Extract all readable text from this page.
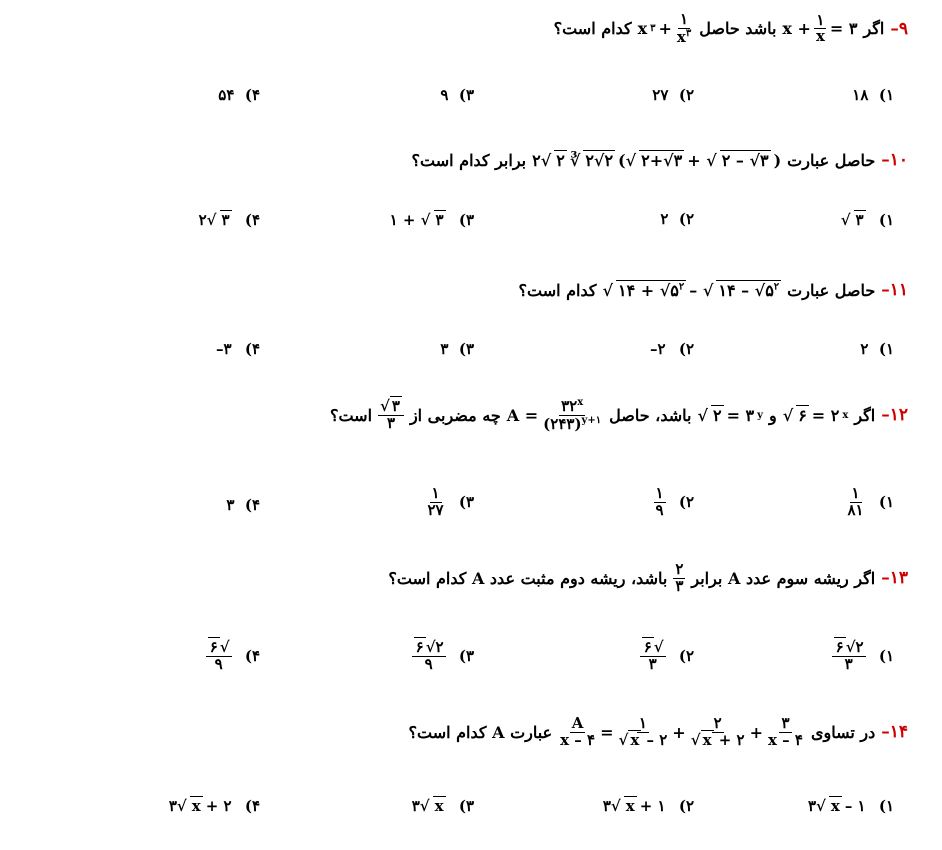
۹–
اگر
$x + \frac{۱}{x}$ = ۳
باشد حاصل
x ۳ + $\frac{۱}{x^۳}$
کدام است؟
۱)  ۱۸
۲)  ۲۷
۳)  ۹
۴)  ۵۴
۱۰–
حاصل عبارت
۲√ ۲ ∛ ۲√۲ (√ ۲+√۳ + √ ۲ – √۳ )
برابر کدام است؟
۱)
√ ۳
۲)  ۲
۳)
۱ + √ ۳
۴)
۲√ ۳
۱۱–
حاصل عبارت
√ ۱۴ + $√۵^۲$ – √ ۱۴ – $√۵^۲$
کدام است؟
۱)  ۲
۲)
–۲
۳)  ۳
۴)
–۳
۱۲–
اگر
√ ۶ = ۲ x
و
√ ۲ = ۳ y
باشد، حاصل
$A = \frac{۳۲^x}{(۲۴۳)^{y+۱}}$
چه مضربی از
$\frac{√ ۳}{۳}$
است؟
۱)
$\frac{۱}{۸۱}$
۲)
$\frac{۱}{۹}$
۳)
$\frac{۱}{۲۷}$
۴)  ۳
۱۳–
اگر ریشه سوم عدد A برابر
$\frac{۲}{۳}$
باشد، ریشه دوم مثبت عدد A کدام است؟
۱)
$\frac{۲√۶}{۳}$
۲)
$\frac{√۶}{۳}$
۳)
$\frac{۲√۶}{۹}$
۴)
$\frac{√۶}{۹}$
۱۴–
در تساوی
$\frac{A}{x - ۴} = \frac{۱}{√ x - ۲} + \frac{۲}{√ x + ۲} + \frac{۳}{x - ۴}$
عبارت A کدام است؟
۱)
۳√ x – ۱
۲)
۳√ x + ۱
۳)
۳√ x
۴)
۳√ x + ۲
